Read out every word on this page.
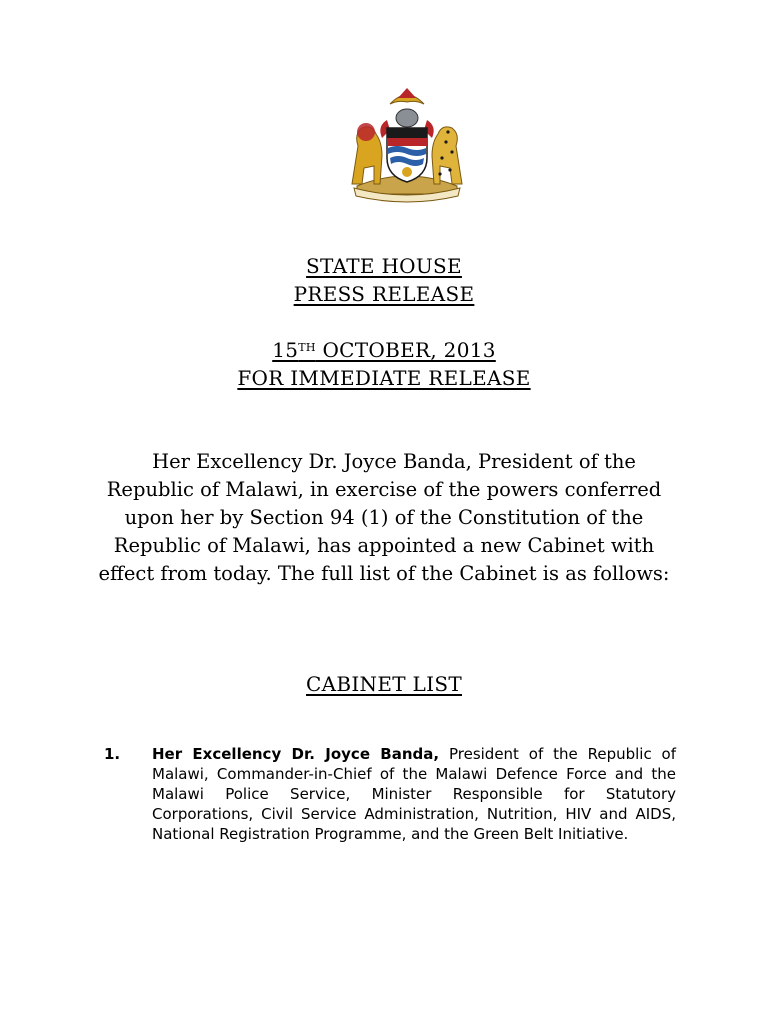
STATE HOUSE
PRESS RELEASE
15TH OCTOBER, 2013
FOR IMMEDIATE RELEASE
Her Excellency Dr. Joyce Banda, President of the Republic of Malawi, in exercise of the powers conferred upon her by Section 94 (1) of the Constitution of the Republic of Malawi, has appointed a new Cabinet with effect from today. The full list of the Cabinet is as follows:
CABINET LIST
1. Her Excellency Dr. Joyce Banda, President of the Republic of Malawi, Commander-in-Chief of the Malawi Defence Force and the Malawi Police Service, Minister Responsible for Statutory Corporations, Civil Service Administration, Nutrition, HIV and AIDS, National Registration Programme, and the Green Belt Initiative.
